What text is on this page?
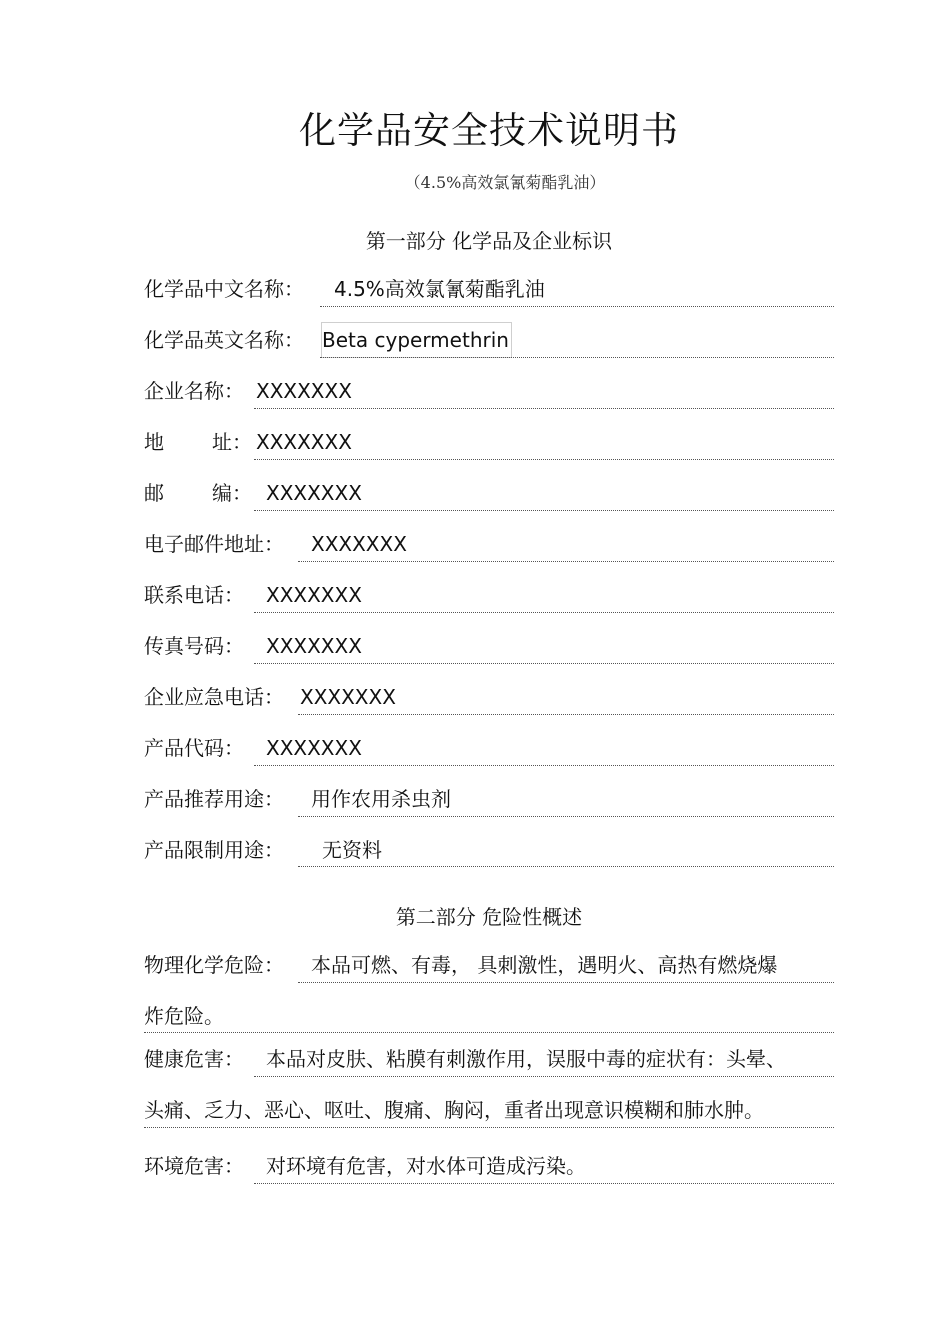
化学品安全技术说明书
（4.5%高效氯氰菊酯乳油）
第一部分 化学品及企业标识
化学品中文名称： 4.5%高效氯氰菊酯乳油
化学品英文名称： Beta cypermethrin
企业名称： XXXXXXX
地 址： XXXXXXX
邮 编： XXXXXXX
电子邮件地址： XXXXXXX
联系电话： XXXXXXX
传真号码： XXXXXXX
企业应急电话： XXXXXXX
产品代码： XXXXXXX
产品推荐用途： 用作农用杀虫剂
产品限制用途： 无资料
第二部分 危险性概述
物理化学危险： 本品可燃、有毒， 具刺激性，遇明火、高热有燃烧爆
炸危险。
健康危害： 本品对皮肤、粘膜有刺激作用，误服中毒的症状有：头晕、
头痛、乏力、恶心、呕吐、腹痛、胸闷，重者出现意识模糊和肺水肿。
环境危害： 对环境有危害，对水体可造成污染。
